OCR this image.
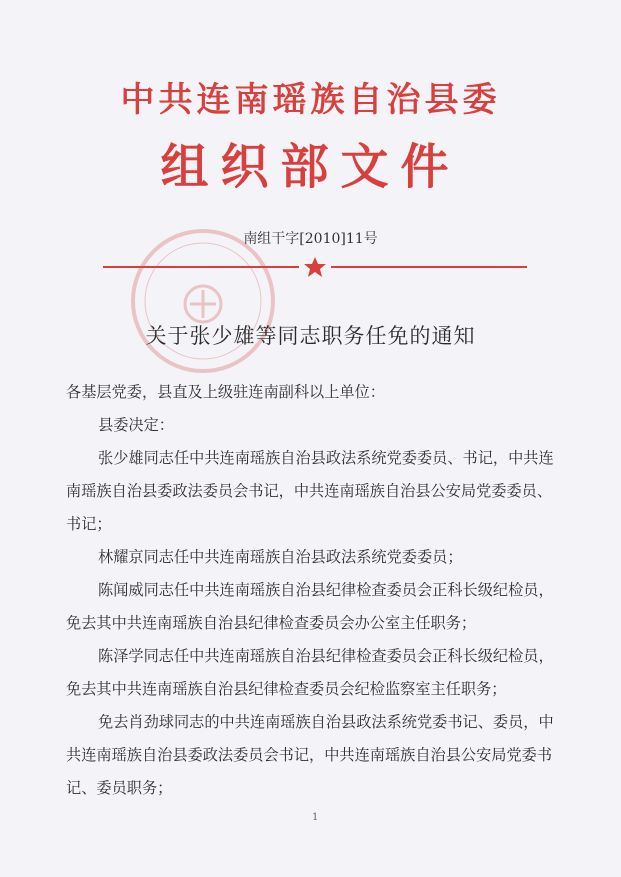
中共连南瑶族自治县委
组织部文件
南组干字[2010]11号
关于张少雄等同志职务任免的通知

各基层党委，县直及上级驻连南副科以上单位：

县委决定：

张少雄同志任中共连南瑶族自治县政法系统党委委员、书记，中共连南瑶族自治县委政法委员会书记，中共连南瑶族自治县公安局党委委员、书记；

林耀京同志任中共连南瑶族自治县政法系统党委委员；

陈闻威同志任中共连南瑶族自治县纪律检查委员会正科长级纪检员，免去其中共连南瑶族自治县纪律检查委员会办公室主任职务；

陈泽学同志任中共连南瑶族自治县纪律检查委员会正科长级纪检员，免去其中共连南瑶族自治县纪律检查委员会纪检监察室主任职务；

免去肖劲球同志的中共连南瑶族自治县政法系统党委书记、委员，中共连南瑶族自治县委政法委员会书记，中共连南瑶族自治县公安局党委书记、委员职务；

1
